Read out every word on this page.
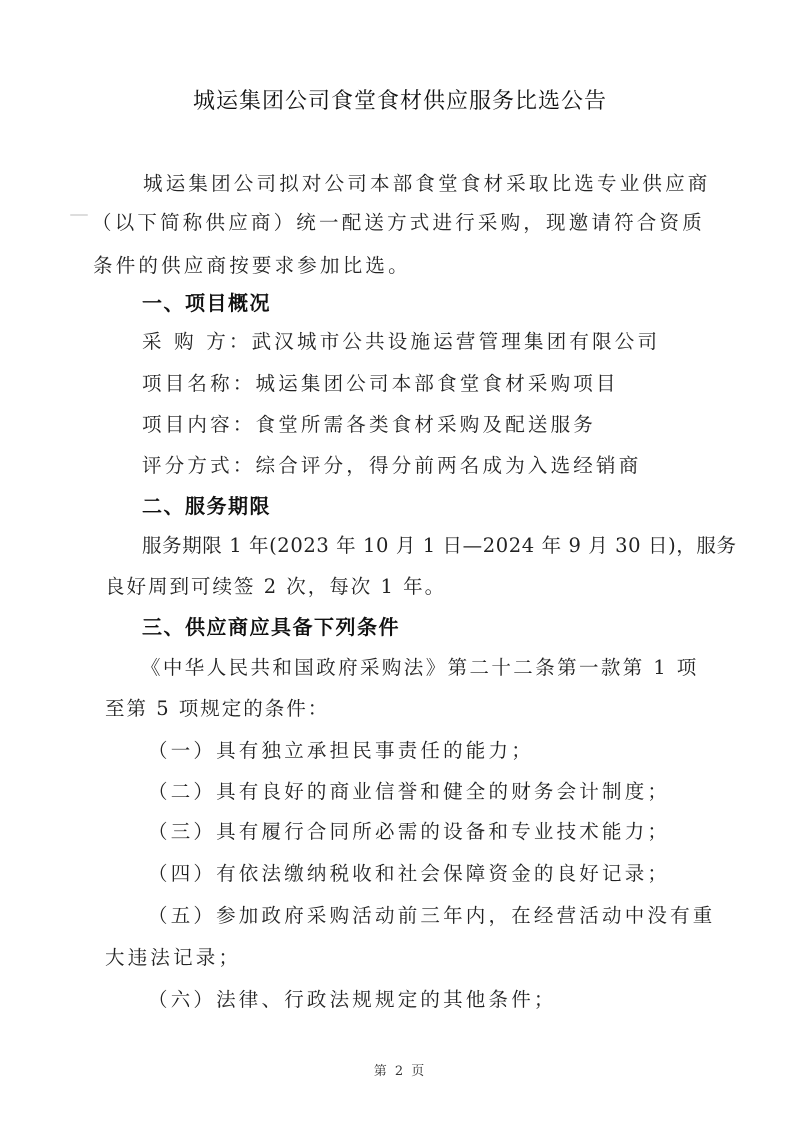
城运集团公司食堂食材供应服务比选公告
城运集团公司拟对公司本部食堂食材采取比选专业供应商
（以下简称供应商）统一配送方式进行采购，现邀请符合资质
条件的供应商按要求参加比选。
一、项目概况
采 购 方：武汉城市公共设施运营管理集团有限公司
项目名称：城运集团公司本部食堂食材采购项目
项目内容：食堂所需各类食材采购及配送服务
评分方式：综合评分，得分前两名成为入选经销商
二、服务期限
服务期限 1 年(2023 年 10 月 1 日—2024 年 9 月 30 日)，服务
良好周到可续签 2 次，每次 1 年。
三、供应商应具备下列条件
《中华人民共和国政府采购法》第二十二条第一款第 1 项
至第 5 项规定的条件：
（一）具有独立承担民事责任的能力；
（二）具有良好的商业信誉和健全的财务会计制度；
（三）具有履行合同所必需的设备和专业技术能力；
（四）有依法缴纳税收和社会保障资金的良好记录；
（五）参加政府采购活动前三年内，在经营活动中没有重
大违法记录；
（六）法律、行政法规规定的其他条件；
第 2 页
